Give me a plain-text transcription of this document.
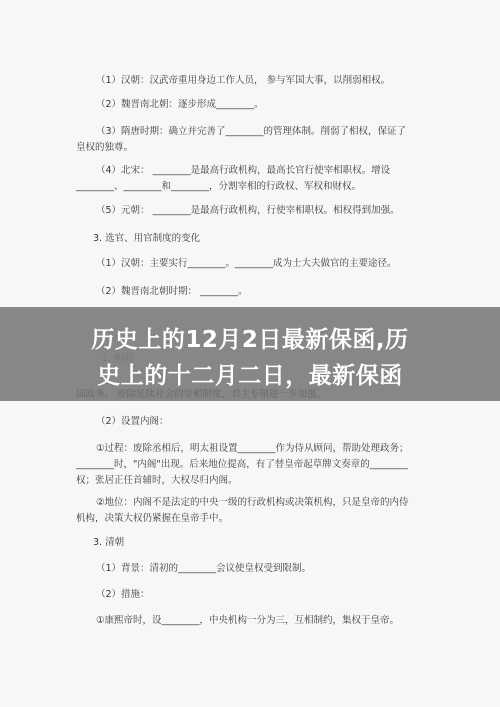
（1）汉朝：汉武帝重用身边工作人员， 参与军国大事，以削弱相权。
（2）魏晋南北朝：逐步形成________。
（3）隋唐时期：确立并完善了________的管理体制。削弱了相权，保证了
皇权的独尊。
（4）北宋： ________是最高行政机构，最高长官行使宰相职权。增设
________、________和________，分割宰相的行政权、军权和财权。
（5）元朝： ________是最高行政机构，行使宰相职权。相权得到加强。
3. 选官、用官制度的变化
（1）汉朝：主要实行________。________成为士大夫做官的主要途径。
（2）魏晋南北朝时期： ________。
（2）设置内阁：
①过程：废除丞相后，明太祖设置________作为侍从顾问，帮助处理政务；
________时，"内阁"出现。后来地位提高，有了替皇帝起草牌文奏章的________
权；张居正任首辅时，大权尽归内阁。
②地位：内阁不是法定的中央一级的行政机构或决策机构，只是皇帝的内侍
机构，决策大权仍紧握在皇帝手中。
3. 清朝
（1）背景：清初的________会议使皇权受到限制。
（2）措施：
①康熙帝时，设________，中央机构一分为三，互相制约，集权于皇帝。
历史上的12月2日最新保函,历
史上的十二月二日，最新保函
